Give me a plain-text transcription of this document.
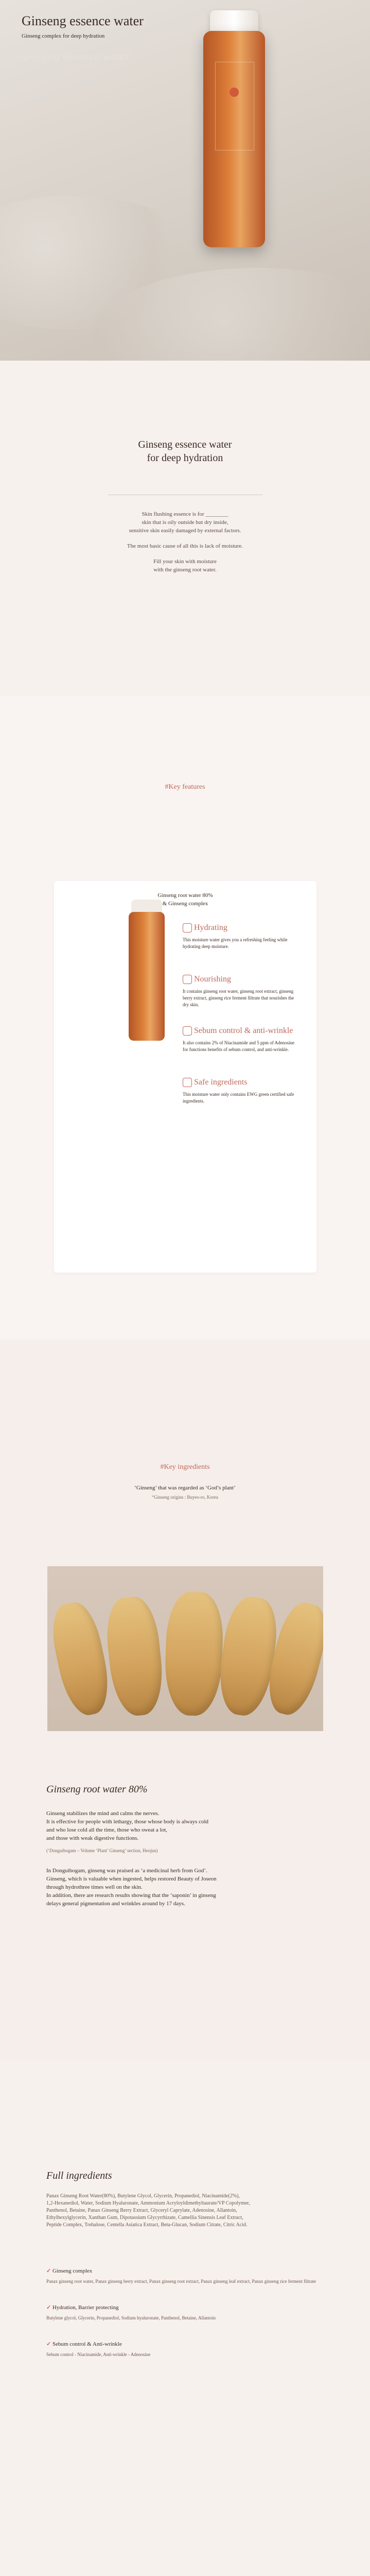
Ginseng essence water
Ginseng complex for deep hydration
ginseng essence water
Ginseng essence water
for deep hydration
Skin flushing essence is for ________
skin that is oily outside but dry inside,
sensitive skin easily damaged by external factors.
The most basic cause of all this is lack of moisture.
Fill your skin with moisture
with the ginseng root water.
#Key features
Ginseng root water 80%
& Ginseng complex
Hydrating
This moisture water gives you a refreshing feeling while hydrating deep moisture.
Nourishing
It contains ginseng root water, ginseng root extract, ginseng berry extract, ginseng rice ferment filtrate that nourishes the dry skin.
Sebum control & anti-wrinkle
It also contains 2% of Niacinamide and 5 ppm of Adenosine for functions benefits of sebum control, and anti-wrinkle.
Safe ingredients
This moisture water only contains EWG green certified safe ingredients.
#Key ingredients
‘Ginseng’ that was regarded as ‘God’s plant’
“Ginseng origins : Buyeo-ro, Korea
Ginseng root water 80%
Ginseng stabilizes the mind and calms the nerves.
It is effective for people with lethargy, those whose body is always cold
and who lose cold all the time, those who sweat a lot,
and those with weak digestive functions.
(‘Donguibogam – Volume ‘Plant’ Ginseng’ section, Heojun)
In Donguibogam, ginseng was praised as ‘a medicinal herb from God’.
Ginseng, which is valuable when ingested, helps restored Beauty of Joseon
through hydrothree times well on the skin.
In addition, there are research results showing that the ‘saponin’ in ginseng
delays general pigmentation and wrinkles around by 17 days.
Full ingredients
Panax Ginseng Root Water(80%), Butylene Glycol, Glycerin, Propanediol, Niacinamide(2%),
1,2-Hexanediol, Water, Sodium Hyaluronate, Ammonium Acryloyldimethyltaurate/VP Copolymer,
Panthenol, Betaine, Panax Ginseng Berry Extract, Glyceryl Caprylate, Adenosine, Allantoin,
Ethylhexylglycerin, Xanthan Gum, Dipotassium Glycyrrhizate, Camellia Sinensis Leaf Extract,
Peptide Complex, Trehalose, Centella Asiatica Extract, Beta-Glucan, Sodium Citrate, Citric Acid.
✓ Ginseng complex
Panax ginseng root water, Panax ginseng berry extract, Panax ginseng root extract, Panax ginseng leaf extract, Panax ginseng rice ferment filtrate
✓ Hydration, Barrier protecting
Butylene glycol, Glycerin, Propanediol, Sodium hyaluronate, Panthenol, Betaine, Allantoin
✓ Sebum control & Anti-wrinkle
Sebum control - Niacinamide, Anti-wrinkle - Adenosine
